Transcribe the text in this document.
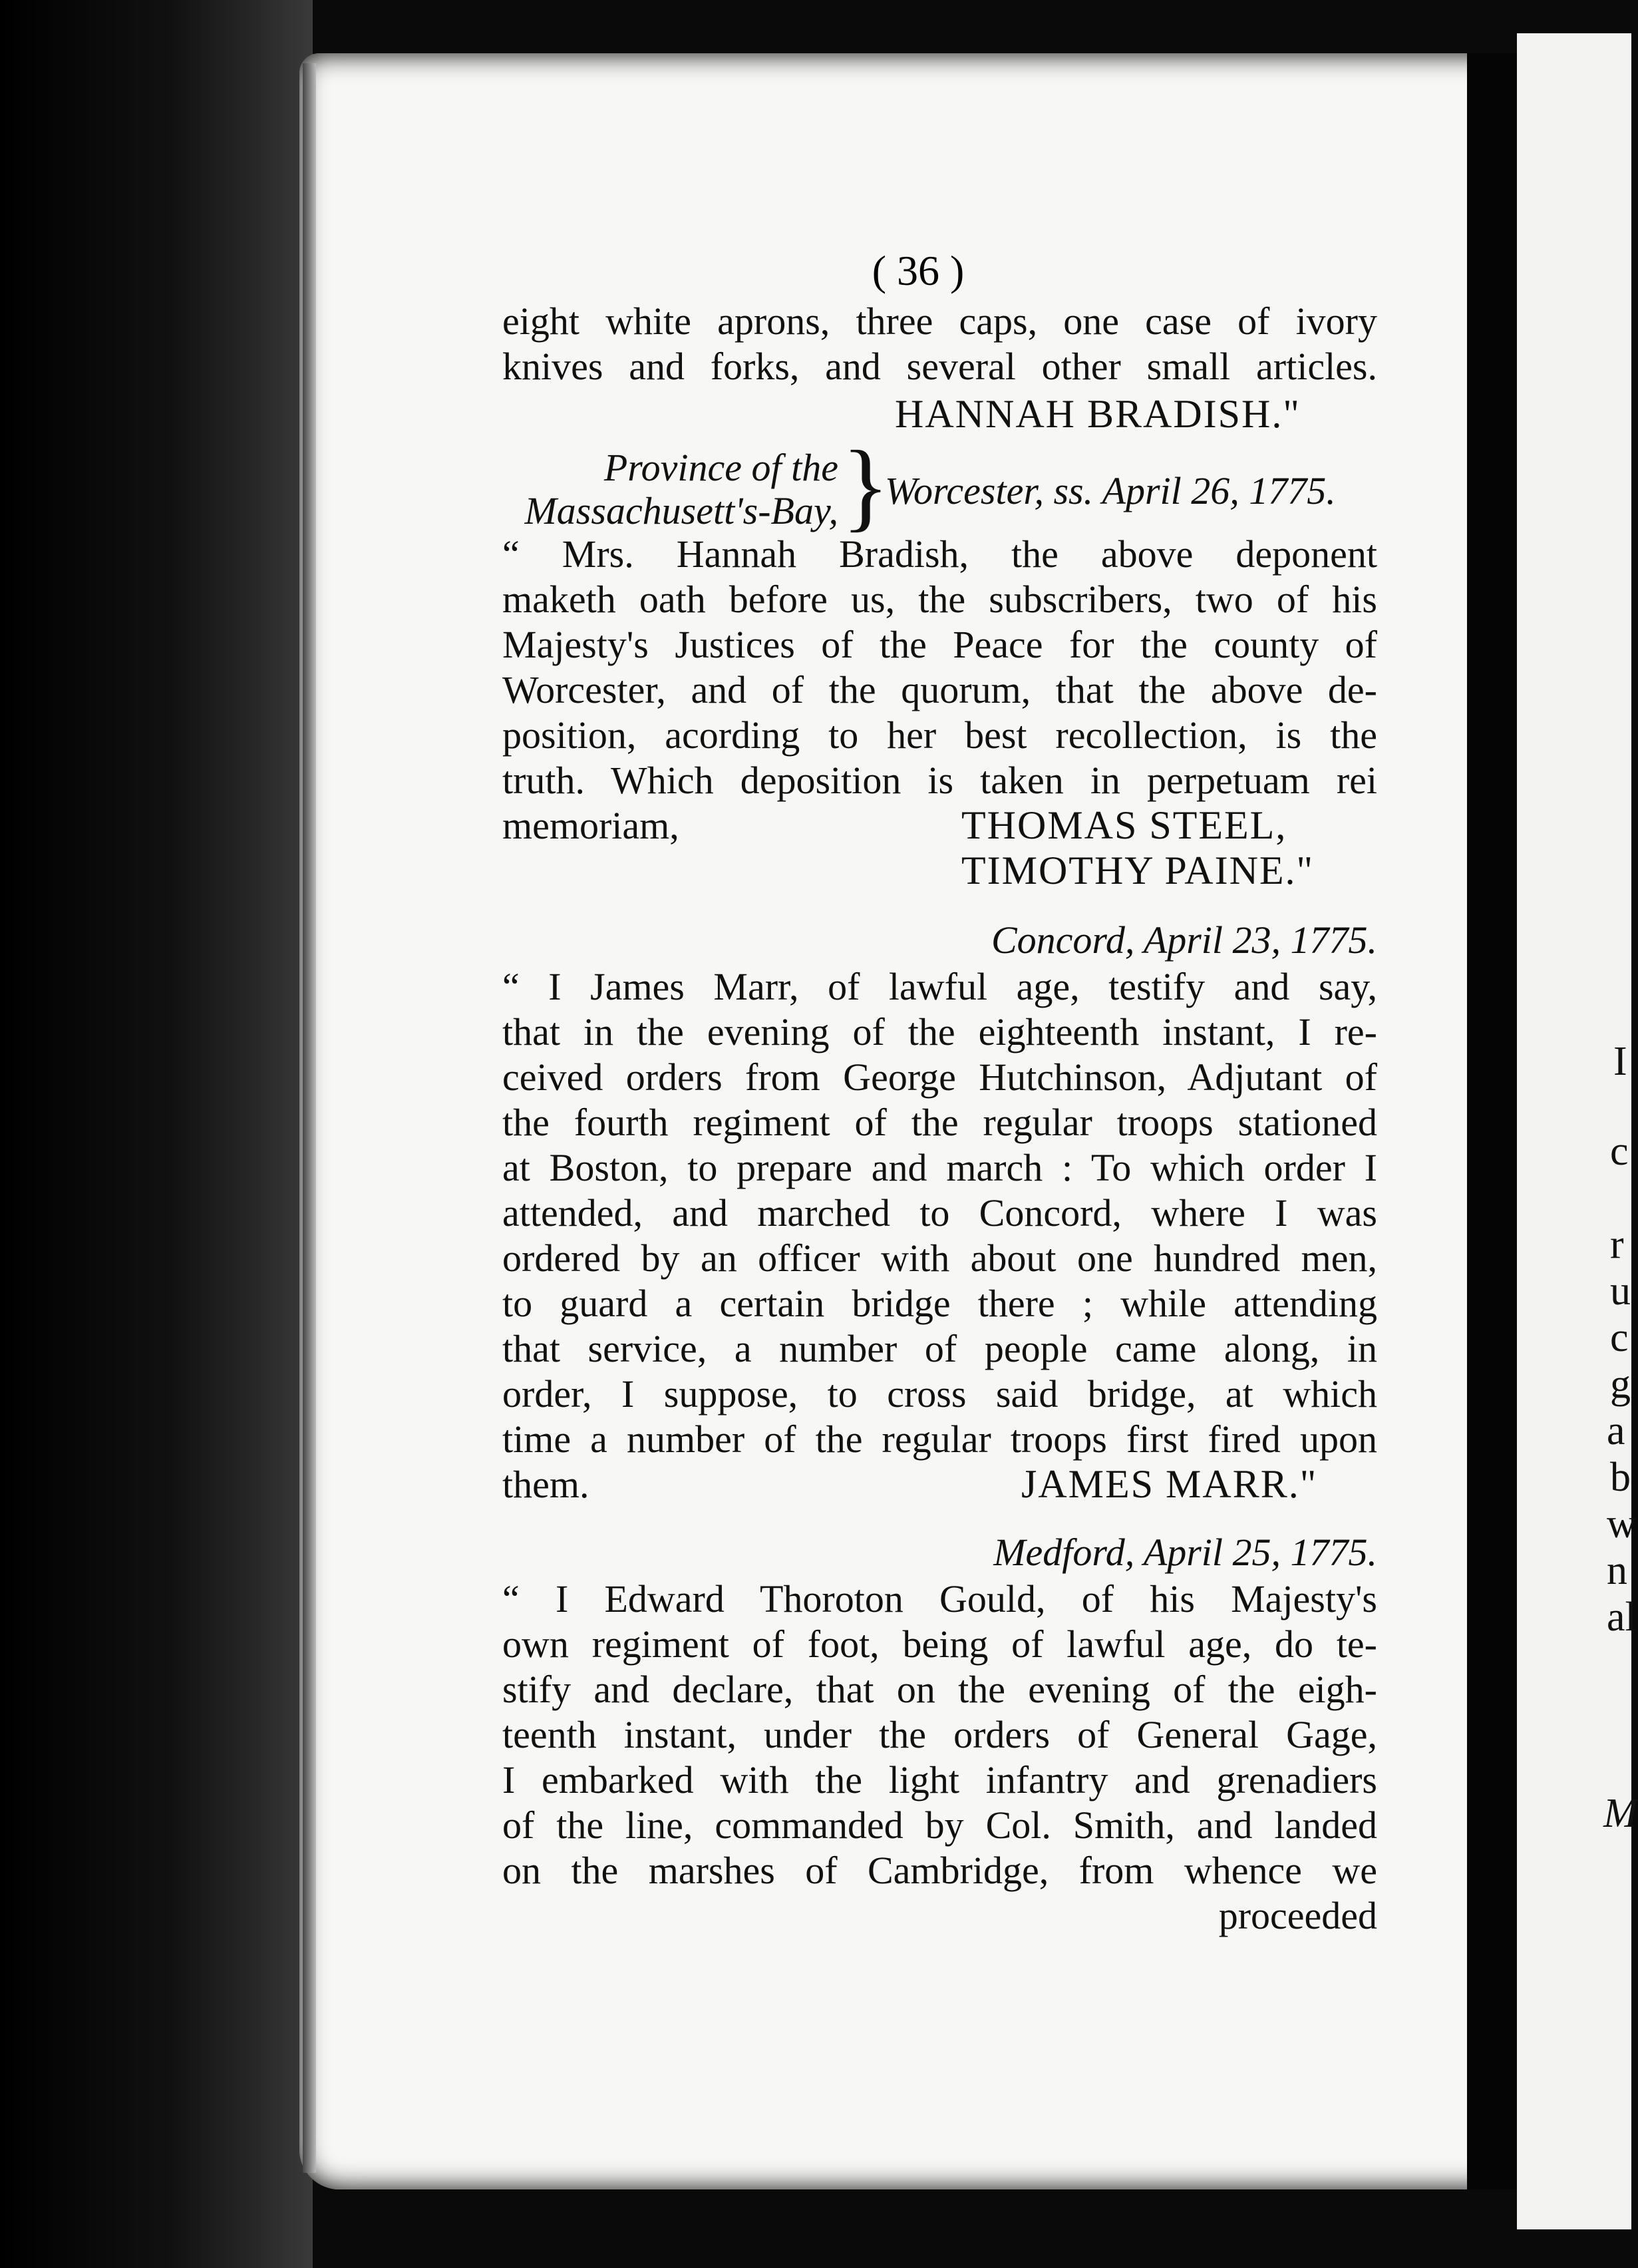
I
c
r
u
c
g
a
b
w
n
al
M
( 36 )
eight white aprons, three caps, one case of ivory
knives and forks, and several other small articles.
HANNAH BRADISH."
Province of the
Massachusett's-Bay, }
Worcester, ss. April 26, 1775.
“ Mrs. Hannah Bradish, the above deponent
maketh oath before us, the subscribers, two of his
Majesty's Justices of the Peace for the county of
Worcester, and of the quorum, that the above de-
position, acording to her best recollection, is the
truth. Which deposition is taken in perpetuam rei
memoriam,	THOMAS STEEL,
TIMOTHY PAINE."
Concord, April 23, 1775.
“ I James Marr, of lawful age, testify and say,
that in the evening of the eighteenth instant, I re-
ceived orders from George Hutchinson, Adjutant of
the fourth regiment of the regular troops stationed
at Boston, to prepare and march : To which order I
attended, and marched to Concord, where I was
ordered by an officer with about one hundred men,
to guard a certain bridge there ; while attending
that service, a number of people came along, in
order, I suppose, to cross said bridge, at which
time a number of the regular troops first fired upon
them.	JAMES MARR."
Medford, April 25, 1775.
“ I Edward Thoroton Gould, of his Majesty's
own regiment of foot, being of lawful age, do te-
stify and declare, that on the evening of the eigh-
teenth instant, under the orders of General Gage,
I embarked with the light infantry and grenadiers
of the line, commanded by Col. Smith, and landed
on the marshes of Cambridge, from whence we
proceeded
